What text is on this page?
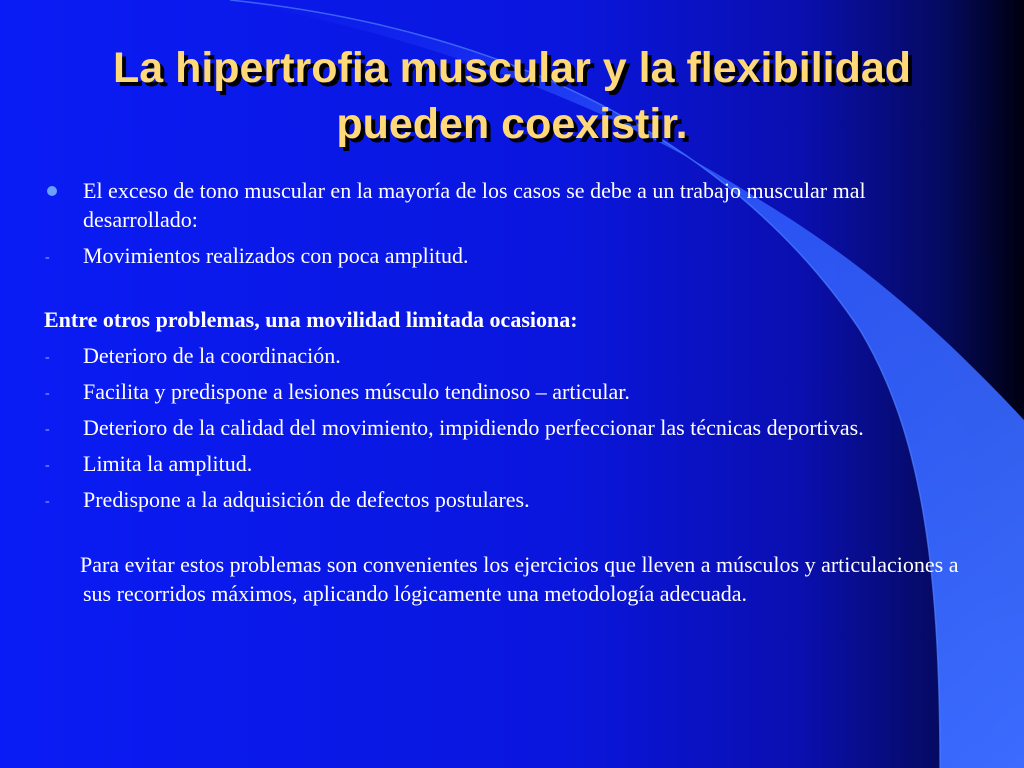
La hipertrofia muscular y la flexibilidad
pueden coexistir.

El exceso de tono muscular en la mayoría de los casos se debe a un trabajo muscular mal desarrollado:

- Movimientos realizados con poca amplitud.

Entre otros problemas, una movilidad limitada ocasiona:

- Deterioro de la coordinación.

- Facilita y predispone a lesiones músculo tendinoso – articular.

- Deterioro de la calidad del movimiento, impidiendo perfeccionar las técnicas deportivas.

- Limita la amplitud.

- Predispone a la adquisición de defectos postulares.

Para evitar estos problemas son convenientes los ejercicios que lleven a músculos y articulaciones a sus recorridos máximos, aplicando lógicamente una metodología adecuada.
